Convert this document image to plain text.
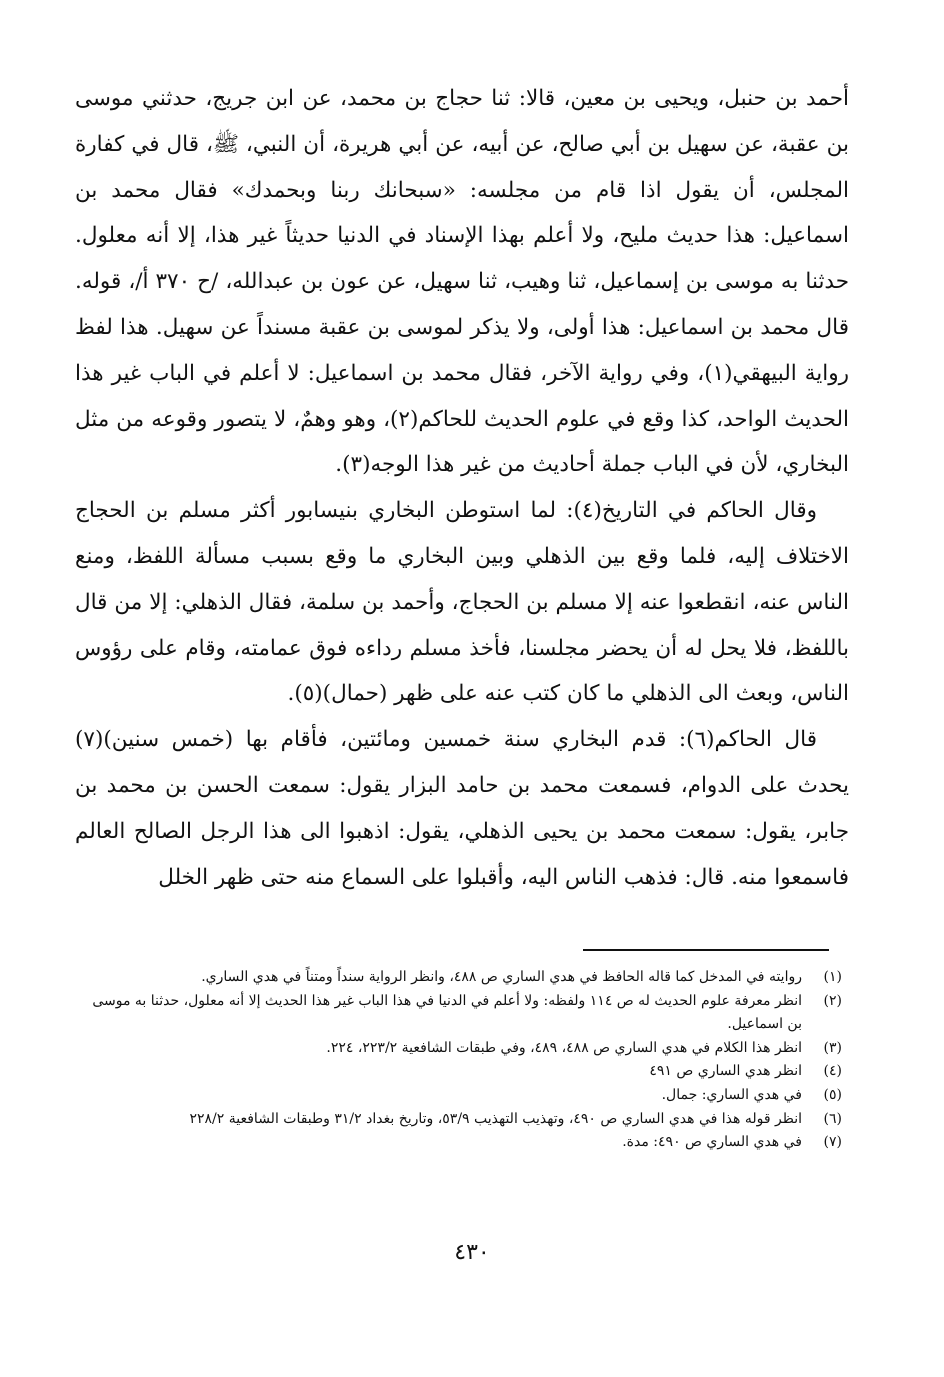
أحمد بن حنبل، ويحيى بن معين، قالا: ثنا حجاج بن محمد، عن ابن جريج، حدثني موسى بن عقبة، عن سهيل بن أبي صالح، عن أبيه، عن أبي هريرة، أن النبي، ﷺ، قال في كفارة المجلس، أن يقول اذا قام من مجلسه: «سبحانك ربنا وبحمدك» فقال محمد بن اسماعيل: هذا حديث مليح، ولا أعلم بهذا الإسناد في الدنيا حديثاً غير هذا، إلا أنه معلول. حدثنا به موسى بن إسماعيل، ثنا وهيب، ثنا سهيل، عن عون بن عبدالله، /ح ٣٧٠ أ/، قوله. قال محمد بن اسماعيل: هذا أولى، ولا يذكر لموسى بن عقبة مسنداً عن سهيل. هذا لفظ رواية البيهقي(١)، وفي رواية الآخر، فقال محمد بن اسماعيل: لا أعلم في الباب غير هذا الحديث الواحد، كذا وقع في علوم الحديث للحاكم(٢)، وهو وهمٌ، لا يتصور وقوعه من مثل البخاري، لأن في الباب جملة أحاديث من غير هذا الوجه(٣).

وقال الحاكم في التاريخ(٤): لما استوطن البخاري بنيسابور أكثر مسلم بن الحجاج الاختلاف إليه، فلما وقع بين الذهلي وبين البخاري ما وقع بسبب مسألة اللفظ، ومنع الناس عنه، انقطعوا عنه إلا مسلم بن الحجاج، وأحمد بن سلمة، فقال الذهلي: إلا من قال باللفظ، فلا يحل له أن يحضر مجلسنا، فأخذ مسلم رداءه فوق عمامته، وقام على رؤوس الناس، وبعث الى الذهلي ما كان كتب عنه على ظهر (حمال)(٥).

قال الحاكم(٦): قدم البخاري سنة خمسين ومائتين، فأقام بها (خمس سنين)(٧) يحدث على الدوام، فسمعت محمد بن حامد البزار يقول: سمعت الحسن بن محمد بن جابر، يقول: سمعت محمد بن يحيى الذهلي، يقول: اذهبوا الى هذا الرجل الصالح العالم فاسمعوا منه. قال: فذهب الناس اليه، وأقبلوا على السماع منه حتى ظهر الخلل

(١)
روايته في المدخل كما قاله الحافظ في هدي الساري ص ٤٨٨، وانظر الرواية سنداً ومتناً في هدي الساري.
(٢)
انظر معرفة علوم الحديث له ص ١١٤ ولفظه: ولا أعلم في الدنيا في هذا الباب غير هذا الحديث إلا أنه معلول، حدثنا به موسى بن اسماعيل.
(٣)
انظر هذا الكلام في هدي الساري ص ٤٨٨، ٤٨٩، وفي طبقات الشافعية ٢٢٣/٢، ٢٢٤.
(٤)
انظر هدي الساري ص ٤٩١
(٥)
في هدي الساري: جمال.
(٦)
انظر قوله هذا في هدي الساري ص ٤٩٠، وتهذيب التهذيب ٥٣/٩، وتاريخ بغداد ٣١/٢ وطبقات الشافعية ٢٢٨/٢
(٧)
في هدي الساري ص ٤٩٠: مدة.
٤٣٠
